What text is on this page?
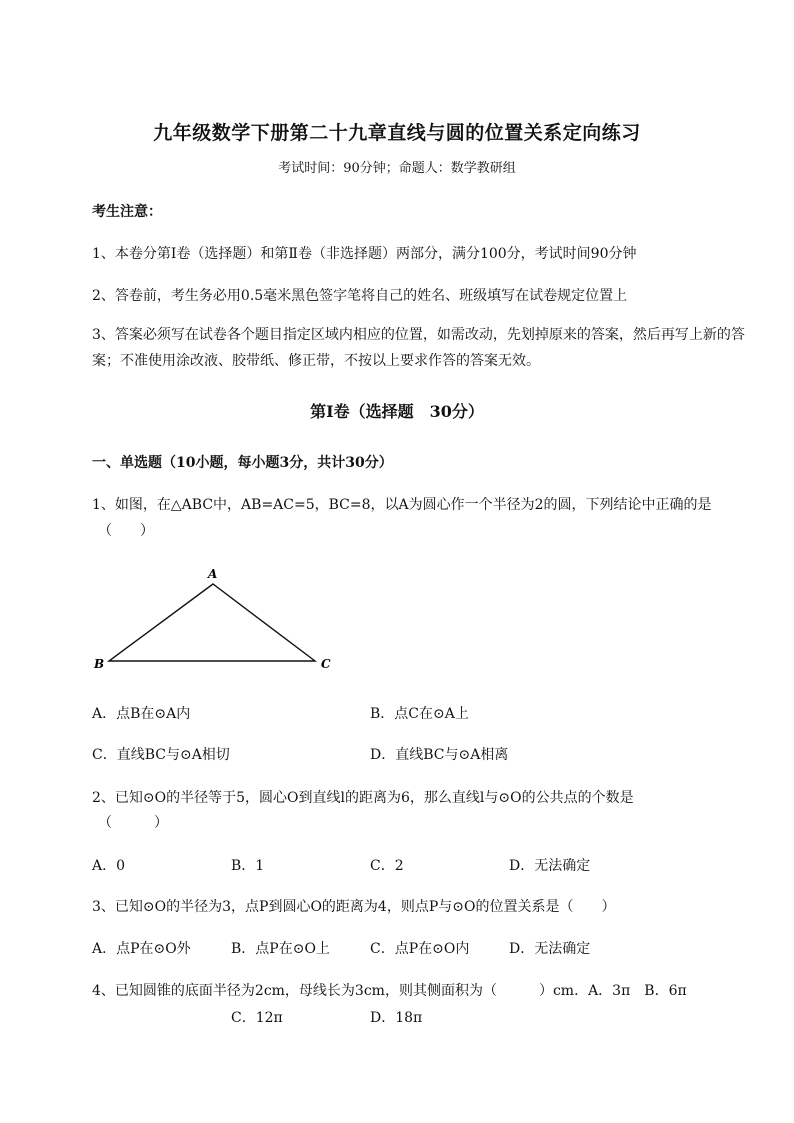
九年级数学下册第二十九章直线与圆的位置关系定向练习
考试时间：90分钟；命题人：数学教研组
考生注意：
1、本卷分第I卷（选择题）和第Ⅱ卷（非选择题）两部分，满分100分，考试时间90分钟
2、答卷前，考生务必用0.5毫米黑色签字笔将自己的姓名、班级填写在试卷规定位置上
3、答案必须写在试卷各个题目指定区域内相应的位置，如需改动，先划掉原来的答案，然后再写上新的答案；不准使用涂改液、胶带纸、修正带，不按以上要求作答的答案无效。
第I卷（选择题　30分）
一、单选题（10小题，每小题3分，共计30分）
1、如图，在△ABC中，AB=AC=5，BC=8，以A为圆心作一个半径为2的圆，下列结论中正确的是
（　　）
A
B	C
A．点B在⊙A内	B．点C在⊙A上
C．直线BC与⊙A相切	D．直线BC与⊙A相离
2、已知⊙O的半径等于5，圆心O到直线l的距离为6，那么直线l与⊙O的公共点的个数是
（　　　）
A．0	B．1	C．2	D．无法确定
3、已知⊙O的半径为3，点P到圆心O的距离为4，则点P与⊙O的位置关系是（　　）
A．点P在⊙O外	B．点P在⊙O上	C．点P在⊙O内	D．无法确定
4、已知圆锥的底面半径为2cm，母线长为3cm，则其侧面积为（　　　）cm．A．3π　B．6π
C．12π	D．18π
